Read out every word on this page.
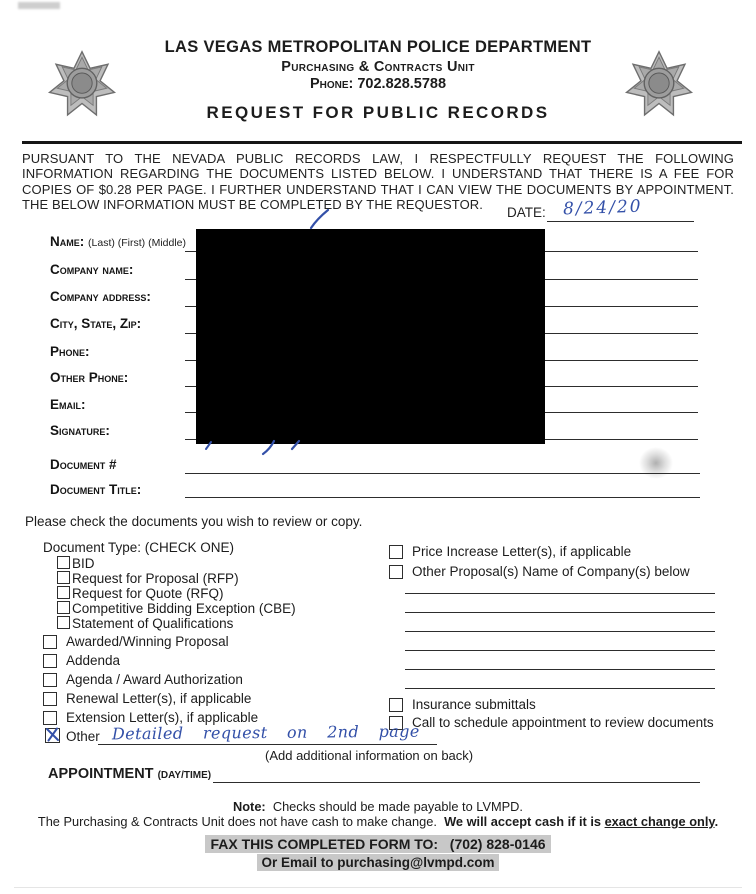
LAS VEGAS METROPOLITAN POLICE DEPARTMENT
Purchasing & Contracts Unit
Phone: 702.828.5788
REQUEST FOR PUBLIC RECORDS
PURSUANT TO THE NEVADA PUBLIC RECORDS LAW, I RESPECTFULLY REQUEST THE FOLLOWING INFORMATION REGARDING THE DOCUMENTS LISTED BELOW. I UNDERSTAND THAT THERE IS A FEE FOR COPIES OF $0.28 PER PAGE. I FURTHER UNDERSTAND THAT I CAN VIEW THE DOCUMENTS BY APPOINTMENT. THE BELOW INFORMATION MUST BE COMPLETED BY THE REQUESTOR.
DATE: 8/24/20
Name: (Last) (First) (Middle)
Company name:
Company address:
City, State, Zip:
Phone:
Other Phone:
Email:
Signature:
Document #
Document Title:
Please check the documents you wish to review or copy.
Document Type: (CHECK ONE)
BID
Request for Proposal (RFP)
Request for Quote (RFQ)
Competitive Bidding Exception (CBE)
Statement of Qualifications
Awarded/Winning Proposal
Addenda
Agenda / Award Authorization
Renewal Letter(s), if applicable
Extension Letter(s), if applicable
Price Increase Letter(s), if applicable
Other Proposal(s) Name of Company(s) below
Insurance submittals
Call to schedule appointment to review documents
Other Detailed request on 2nd page
(Add additional information on back)
APPOINTMENT (DAY/TIME)
Note: Checks should be made payable to LVMPD.
The Purchasing & Contracts Unit does not have cash to make change. We will accept cash if it is exact change only.
FAX THIS COMPLETED FORM TO: (702) 828-0146
Or Email to purchasing@lvmpd.com
